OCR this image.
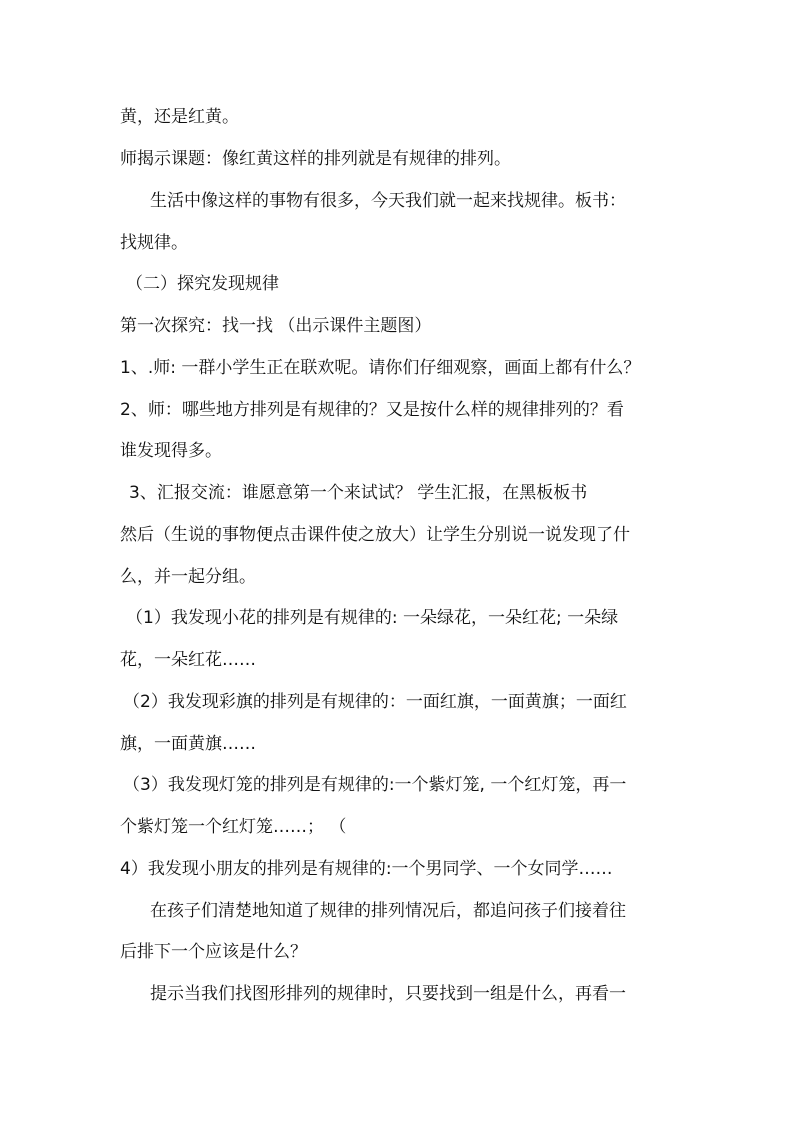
黄，还是红黄。
师揭示课题：像红黄这样的排列就是有规律的排列。
生活中像这样的事物有很多，今天我们就一起来找规律。板书：
找规律。
（二）探究发现规律
第一次探究：找一找 （出示课件主题图）
1、.师: 一群小学生正在联欢呢。请你们仔细观察，画面上都有什么？
2、师：哪些地方排列是有规律的？又是按什么样的规律排列的？看
谁发现得多。
3、汇报交流：谁愿意第一个来试试？ 学生汇报，在黑板板书
然后（生说的事物便点击课件使之放大）让学生分别说一说发现了什
么，并一起分组。
（1）我发现小花的排列是有规律的: 一朵绿花，一朵红花; 一朵绿
花，一朵红花……
（2）我发现彩旗的排列是有规律的：一面红旗，一面黄旗；一面红
旗，一面黄旗……
（3）我发现灯笼的排列是有规律的:一个紫灯笼, 一个红灯笼，再一
个紫灯笼一个红灯笼……； （
4）我发现小朋友的排列是有规律的:一个男同学、一个女同学……
在孩子们清楚地知道了规律的排列情况后，都追问孩子们接着往
后排下一个应该是什么？
提示当我们找图形排列的规律时，只要找到一组是什么，再看一
